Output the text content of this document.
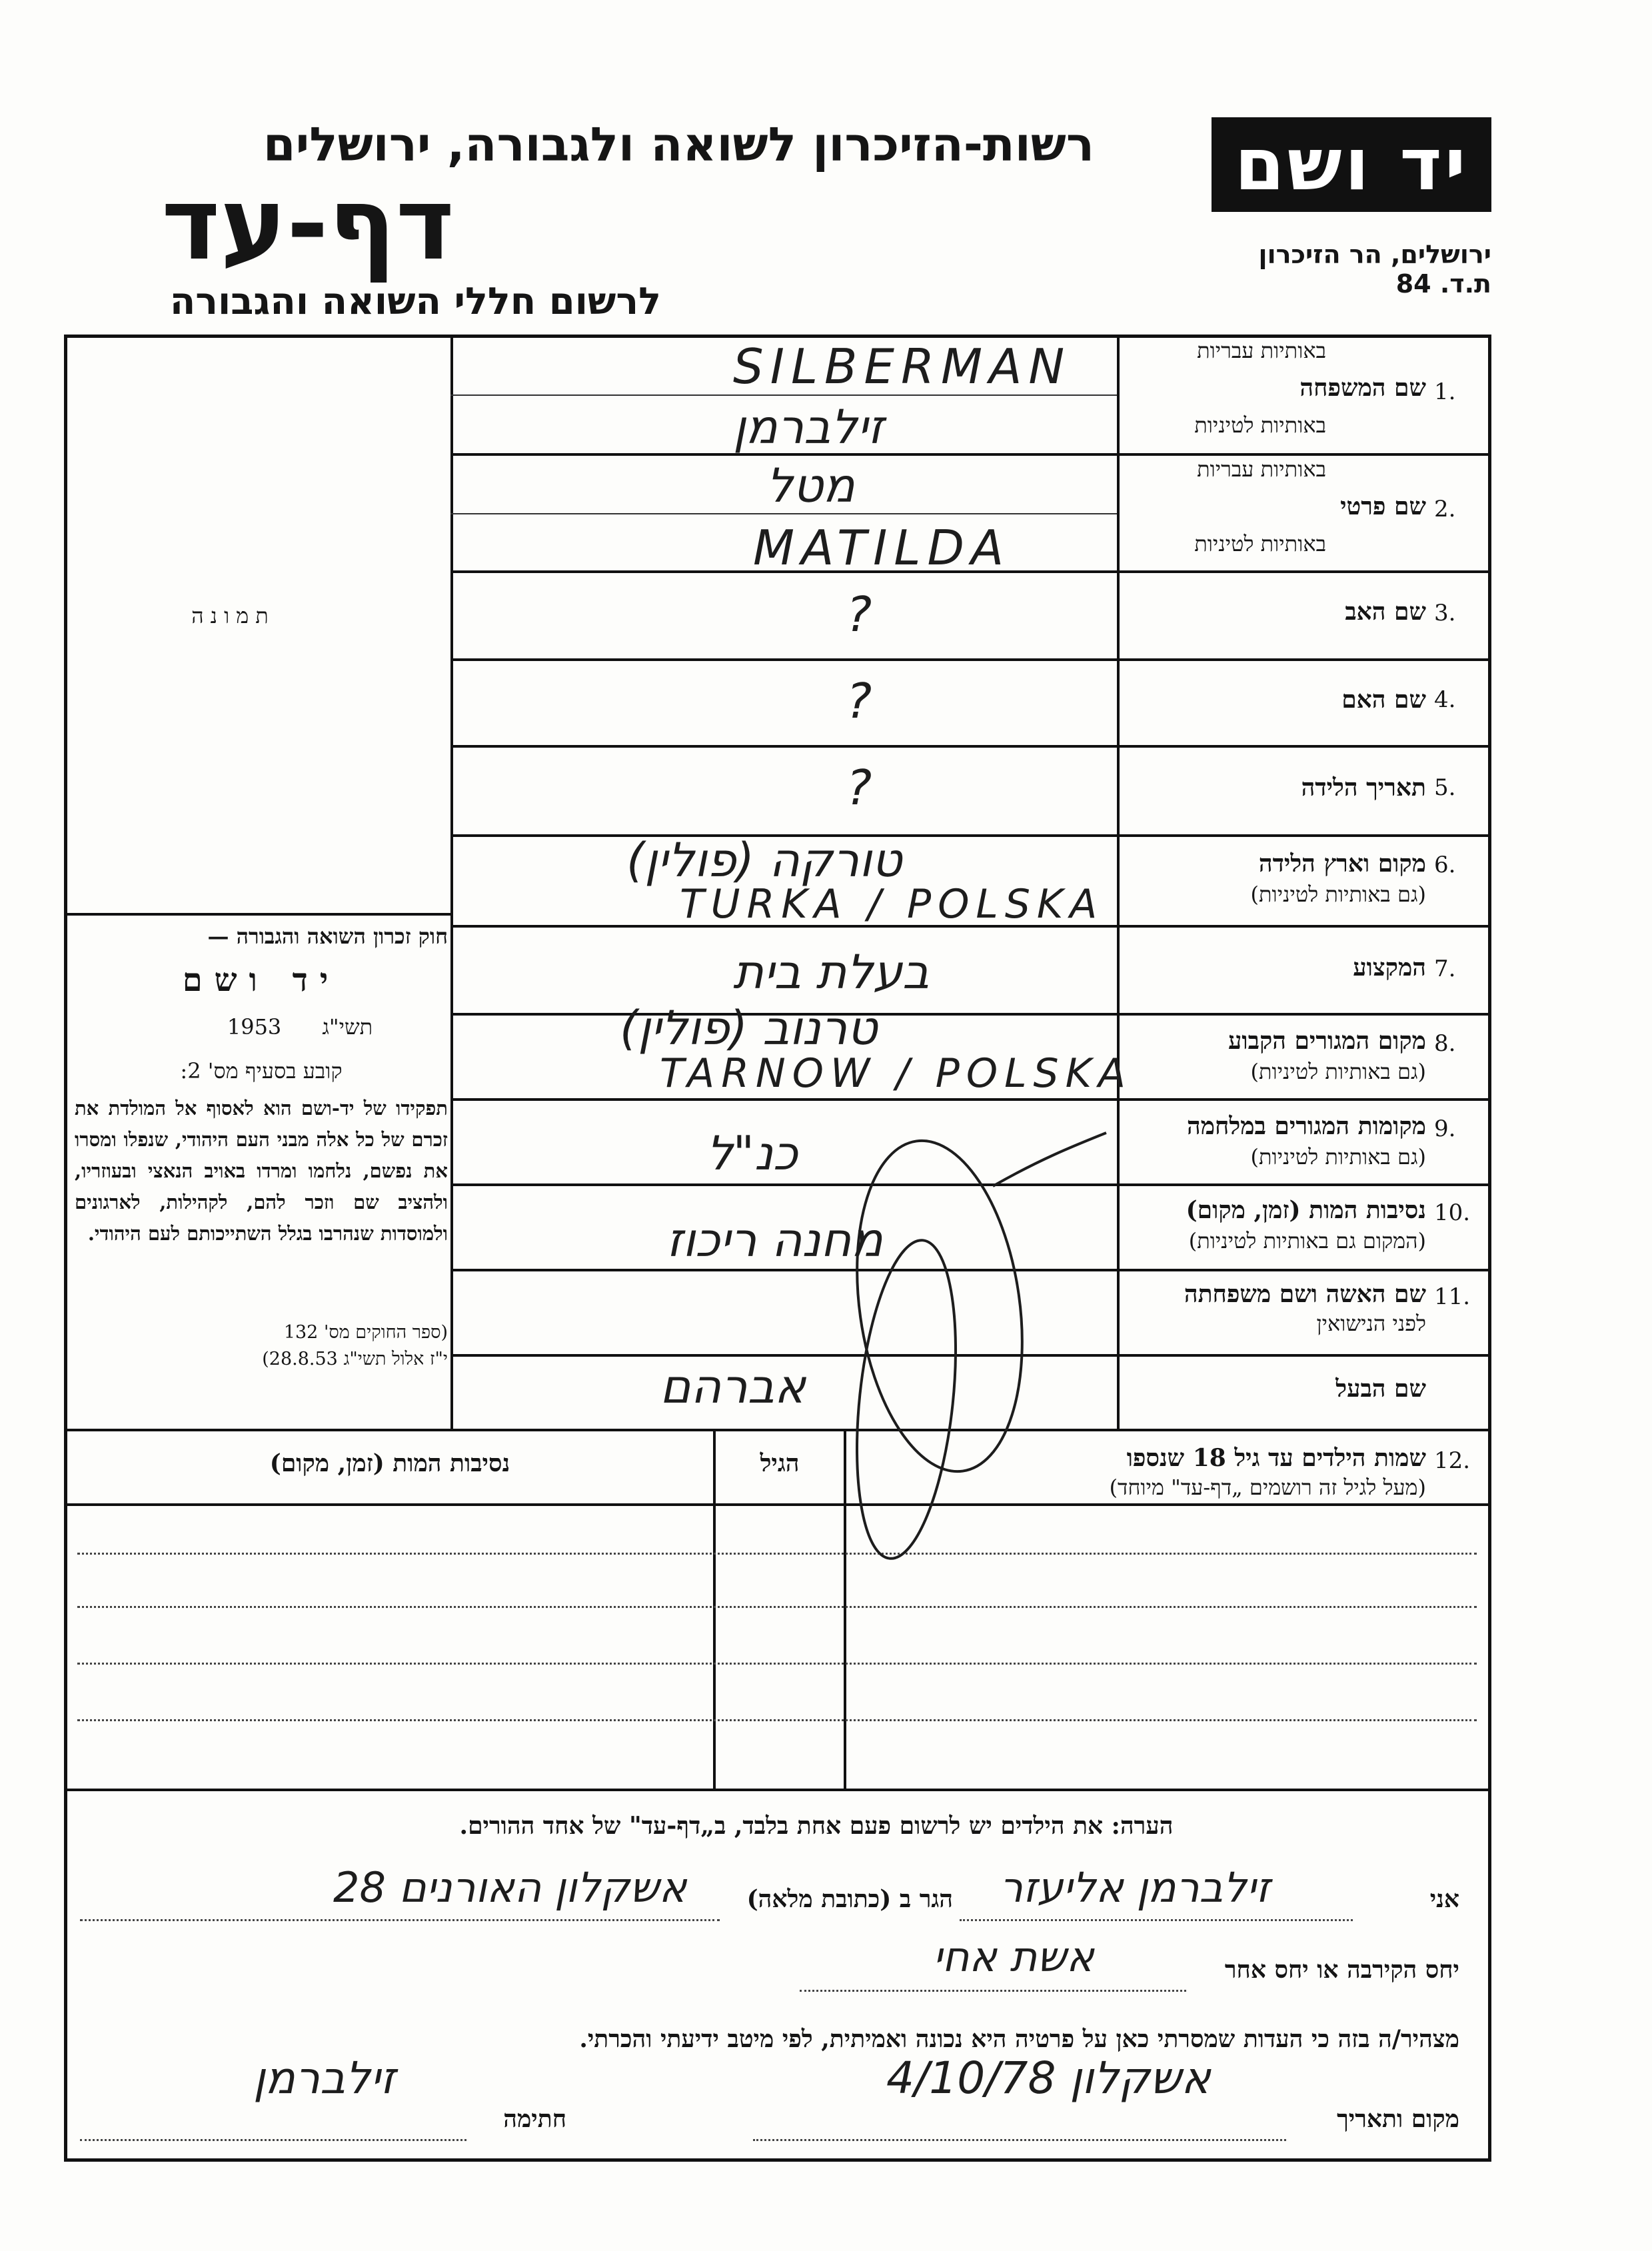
יד ושם
ירושלים, הר הזיכרון
ת.ד. 84
רשות-הזיכרון לשואה ולגבורה, ירושלים
דף-עד
לרשום חללי השואה והגבורה
תמונה
חוק זכרון השואה והגבורה —
יד ושם
תשי"ג      1953
קובע בסעיף מס' 2:
תפקידו של יד-ושם הוא לאסוף אל המולדת את זכרם של כל אלה מבני העם היהודי, שנפלו ומסרו את נפשם, נלחמו ומרדו באויב הנאצי ובעוזריו, ולהציב שם וזכר להם, לקהילות, לארגונים ולמוסדות שנהרבו בגלל השתייכותם לעם היהודי.
(ספר החוקים מס' 132
י"ז אלול תשי"ג 28.8.53)
1.
באותיות עבריות
שם המשפחה
באותיות לטיניות
2.
באותיות עבריות
שם פרטי
באותיות לטיניות
3.
שם האב
4.
שם האם
5.
תאריך הלידה
6.
מקום וארץ הלידה
(גם באותיות לטיניות)
7.
המקצוע
8.
מקום המגורים הקבוע
(גם באותיות לטיניות)
9.
מקומות המגורים במלחמה
(גם באותיות לטיניות)
10.
נסיבות המות (זמן, מקום)
(המקום גם באותיות לטיניות)
11.
שם האשה ושם משפחתה
לפני הנישואין
שם הבעל
SILBERMAN
זילברמן
מטל
MATILDA
?
?
?
טורקה (פולין)
TURKA / POLSKA
בעלת בית
טרנוב (פולין)
TARNOW / POLSKA
כנ"ל
מחנה ריכוז
אברהם
12.
שמות הילדים עד גיל 18 שנספו
(מעל לגיל זה רושמים „דף-עד" מיוחד)
הגיל
נסיבות המות (זמן, מקום)
הערה: את הילדים יש לרשום פעם אחת בלבד, ב„דף-עד" של אחד ההורים.
אני
זילברמן אליעזר
הגר ב (כתובת מלאה)
אשקלון האורנים 28
יחס הקירבה או יחס אחר
אשת אחי
מצהיר/ה בזה כי העדות שמסרתי כאן על פרטיה היא נכונה ואמיתית, לפי מיטב ידיעתי והכרתי.
מקום ותאריך
אשקלון 4/10/78
חתימה
זילברמן
